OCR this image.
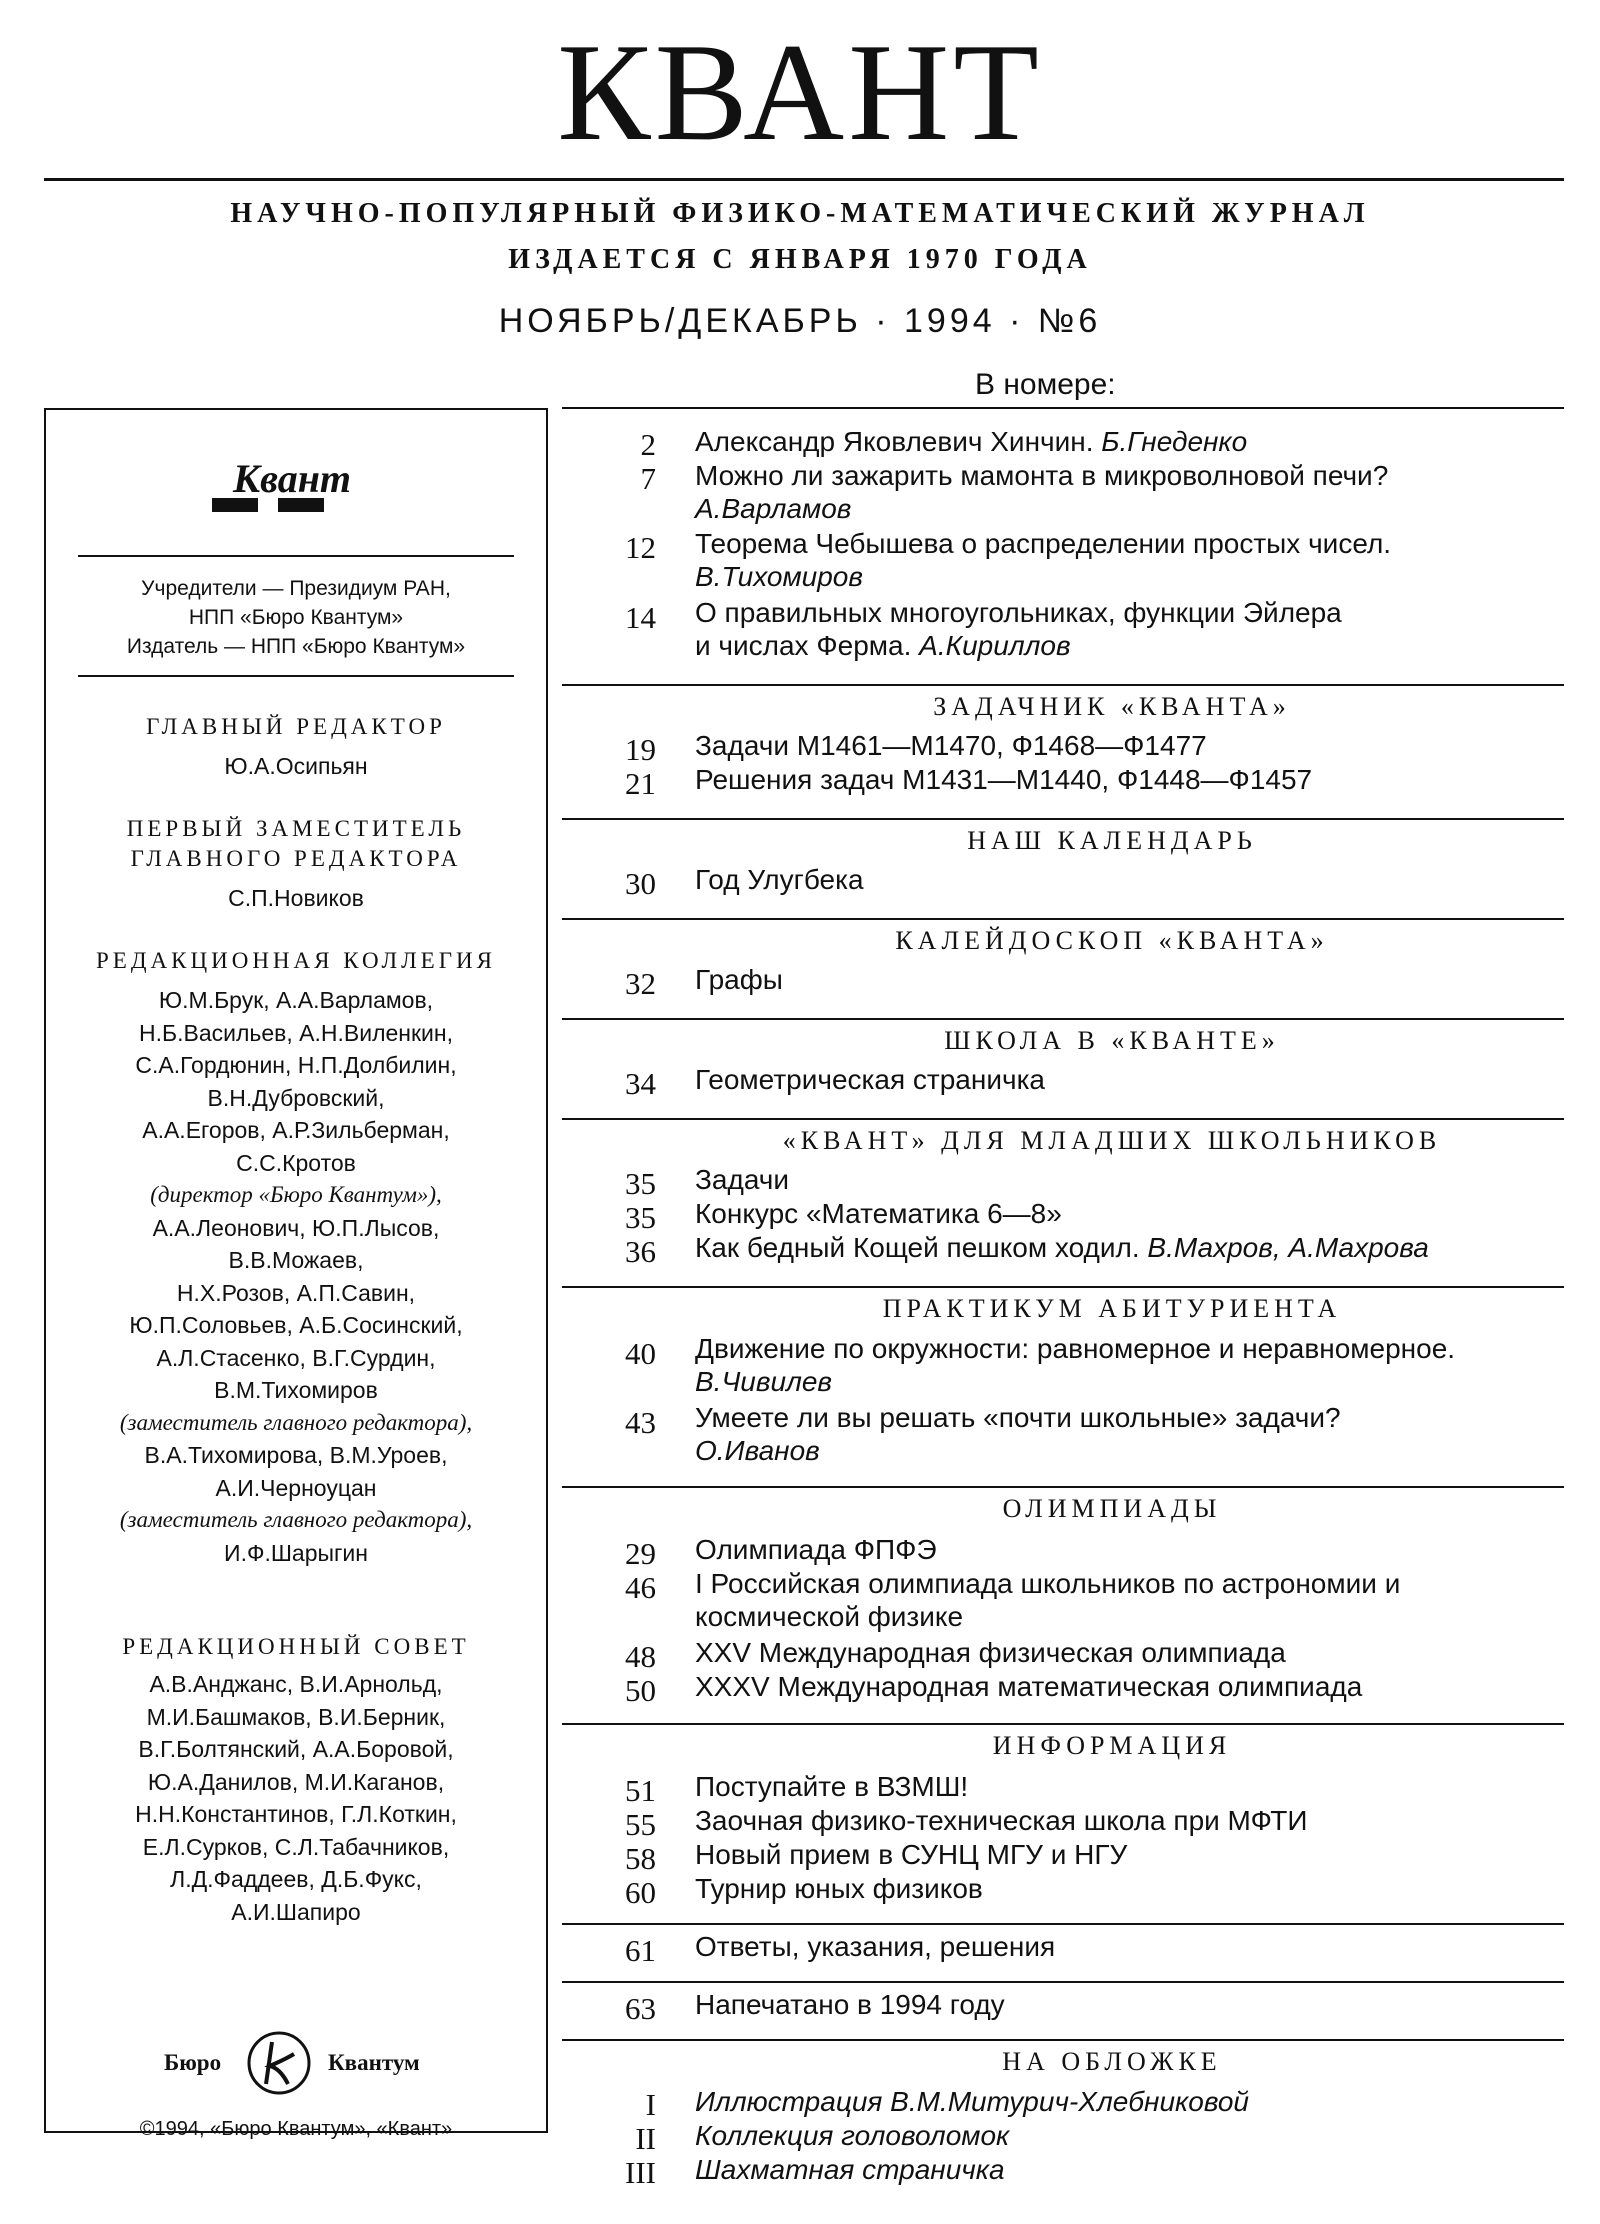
КВАНТ
НАУЧНО-ПОПУЛЯРНЫЙ ФИЗИКО-МАТЕМАТИЧЕСКИЙ ЖУРНАЛ
ИЗДАЕТСЯ С ЯНВАРЯ 1970 ГОДА
НОЯБРЬ/ДЕКАБРЬ · 1994 · №6
В номере:
Квант
Учредители — Президиум РАН,
НПП «Бюро Квантум»
Издатель — НПП «Бюро Квантум»
ГЛАВНЫЙ РЕДАКТОР
Ю.А.Осипьян
ПЕРВЫЙ ЗАМЕСТИТЕЛЬ
ГЛАВНОГО РЕДАКТОРА
С.П.Новиков
РЕДАКЦИОННАЯ КОЛЛЕГИЯ
Ю.М.Брук, А.А.Варламов,
Н.Б.Васильев, А.Н.Виленкин,
С.А.Гордюнин, Н.П.Долбилин,
В.Н.Дубровский,
А.А.Егоров, А.Р.Зильберман,
С.С.Кротов
(директор «Бюро Квантум»),
А.А.Леонович, Ю.П.Лысов,
В.В.Можаев,
Н.Х.Розов, А.П.Савин,
Ю.П.Соловьев, А.Б.Сосинский,
А.Л.Стасенко, В.Г.Сурдин,
В.М.Тихомиров
(заместитель главного редактора),
В.А.Тихомирова, В.М.Уроев,
А.И.Черноуцан
(заместитель главного редактора),
И.Ф.Шарыгин
РЕДАКЦИОННЫЙ СОВЕТ
А.В.Анджанс, В.И.Арнольд,
М.И.Башмаков, В.И.Берник,
В.Г.Болтянский, А.А.Боровой,
Ю.А.Данилов, М.И.Каганов,
Н.Н.Константинов, Г.Л.Коткин,
Е.Л.Сурков, С.Л.Табачников,
Л.Д.Фаддеев, Д.Б.Фукс,
А.И.Шапиро
Бюро	Квантум
©1994, «Бюро Квантум», «Квант»
2 Александр Яковлевич Хинчин. Б.Гнеденко
7 Можно ли зажарить мамонта в микроволновой печи?
А.Варламов
12 Теорема Чебышева о распределении простых чисел.
В.Тихомиров
14 О правильных многоугольниках, функции Эйлера
и числах Ферма. А.Кириллов
ЗАДАЧНИК «КВАНТА»
19 Задачи М1461—М1470, Ф1468—Ф1477
21 Решения задач М1431—М1440, Ф1448—Ф1457
НАШ КАЛЕНДАРЬ
30 Год Улугбека
КАЛЕЙДОСКОП «КВАНТА»
32 Графы
ШКОЛА В «КВАНТЕ»
34 Геометрическая страничка
«КВАНТ» ДЛЯ МЛАДШИХ ШКОЛЬНИКОВ
35 Задачи
35 Конкурс «Математика 6—8»
36 Как бедный Кощей пешком ходил. В.Махров, А.Махрова
ПРАКТИКУМ АБИТУРИЕНТА
40 Движение по окружности: равномерное и неравномерное.
В.Чивилев
43 Умеете ли вы решать «почти школьные» задачи?
О.Иванов
ОЛИМПИАДЫ
29 Олимпиада ФПФЭ
46 I Российская олимпиада школьников по астрономии и
космической физике
48 XXV Международная физическая олимпиада
50 XXXV Международная математическая олимпиада
ИНФОРМАЦИЯ
51 Поступайте в ВЗМШ!
55 Заочная физико-техническая школа при МФТИ
58 Новый прием в СУНЦ МГУ и НГУ
60 Турнир юных физиков
61 Ответы, указания, решения
63 Напечатано в 1994 году
НА ОБЛОЖКЕ
I Иллюстрация В.М.Митурич-Хлебниковой
II Коллекция головоломок
III Шахматная страничка
